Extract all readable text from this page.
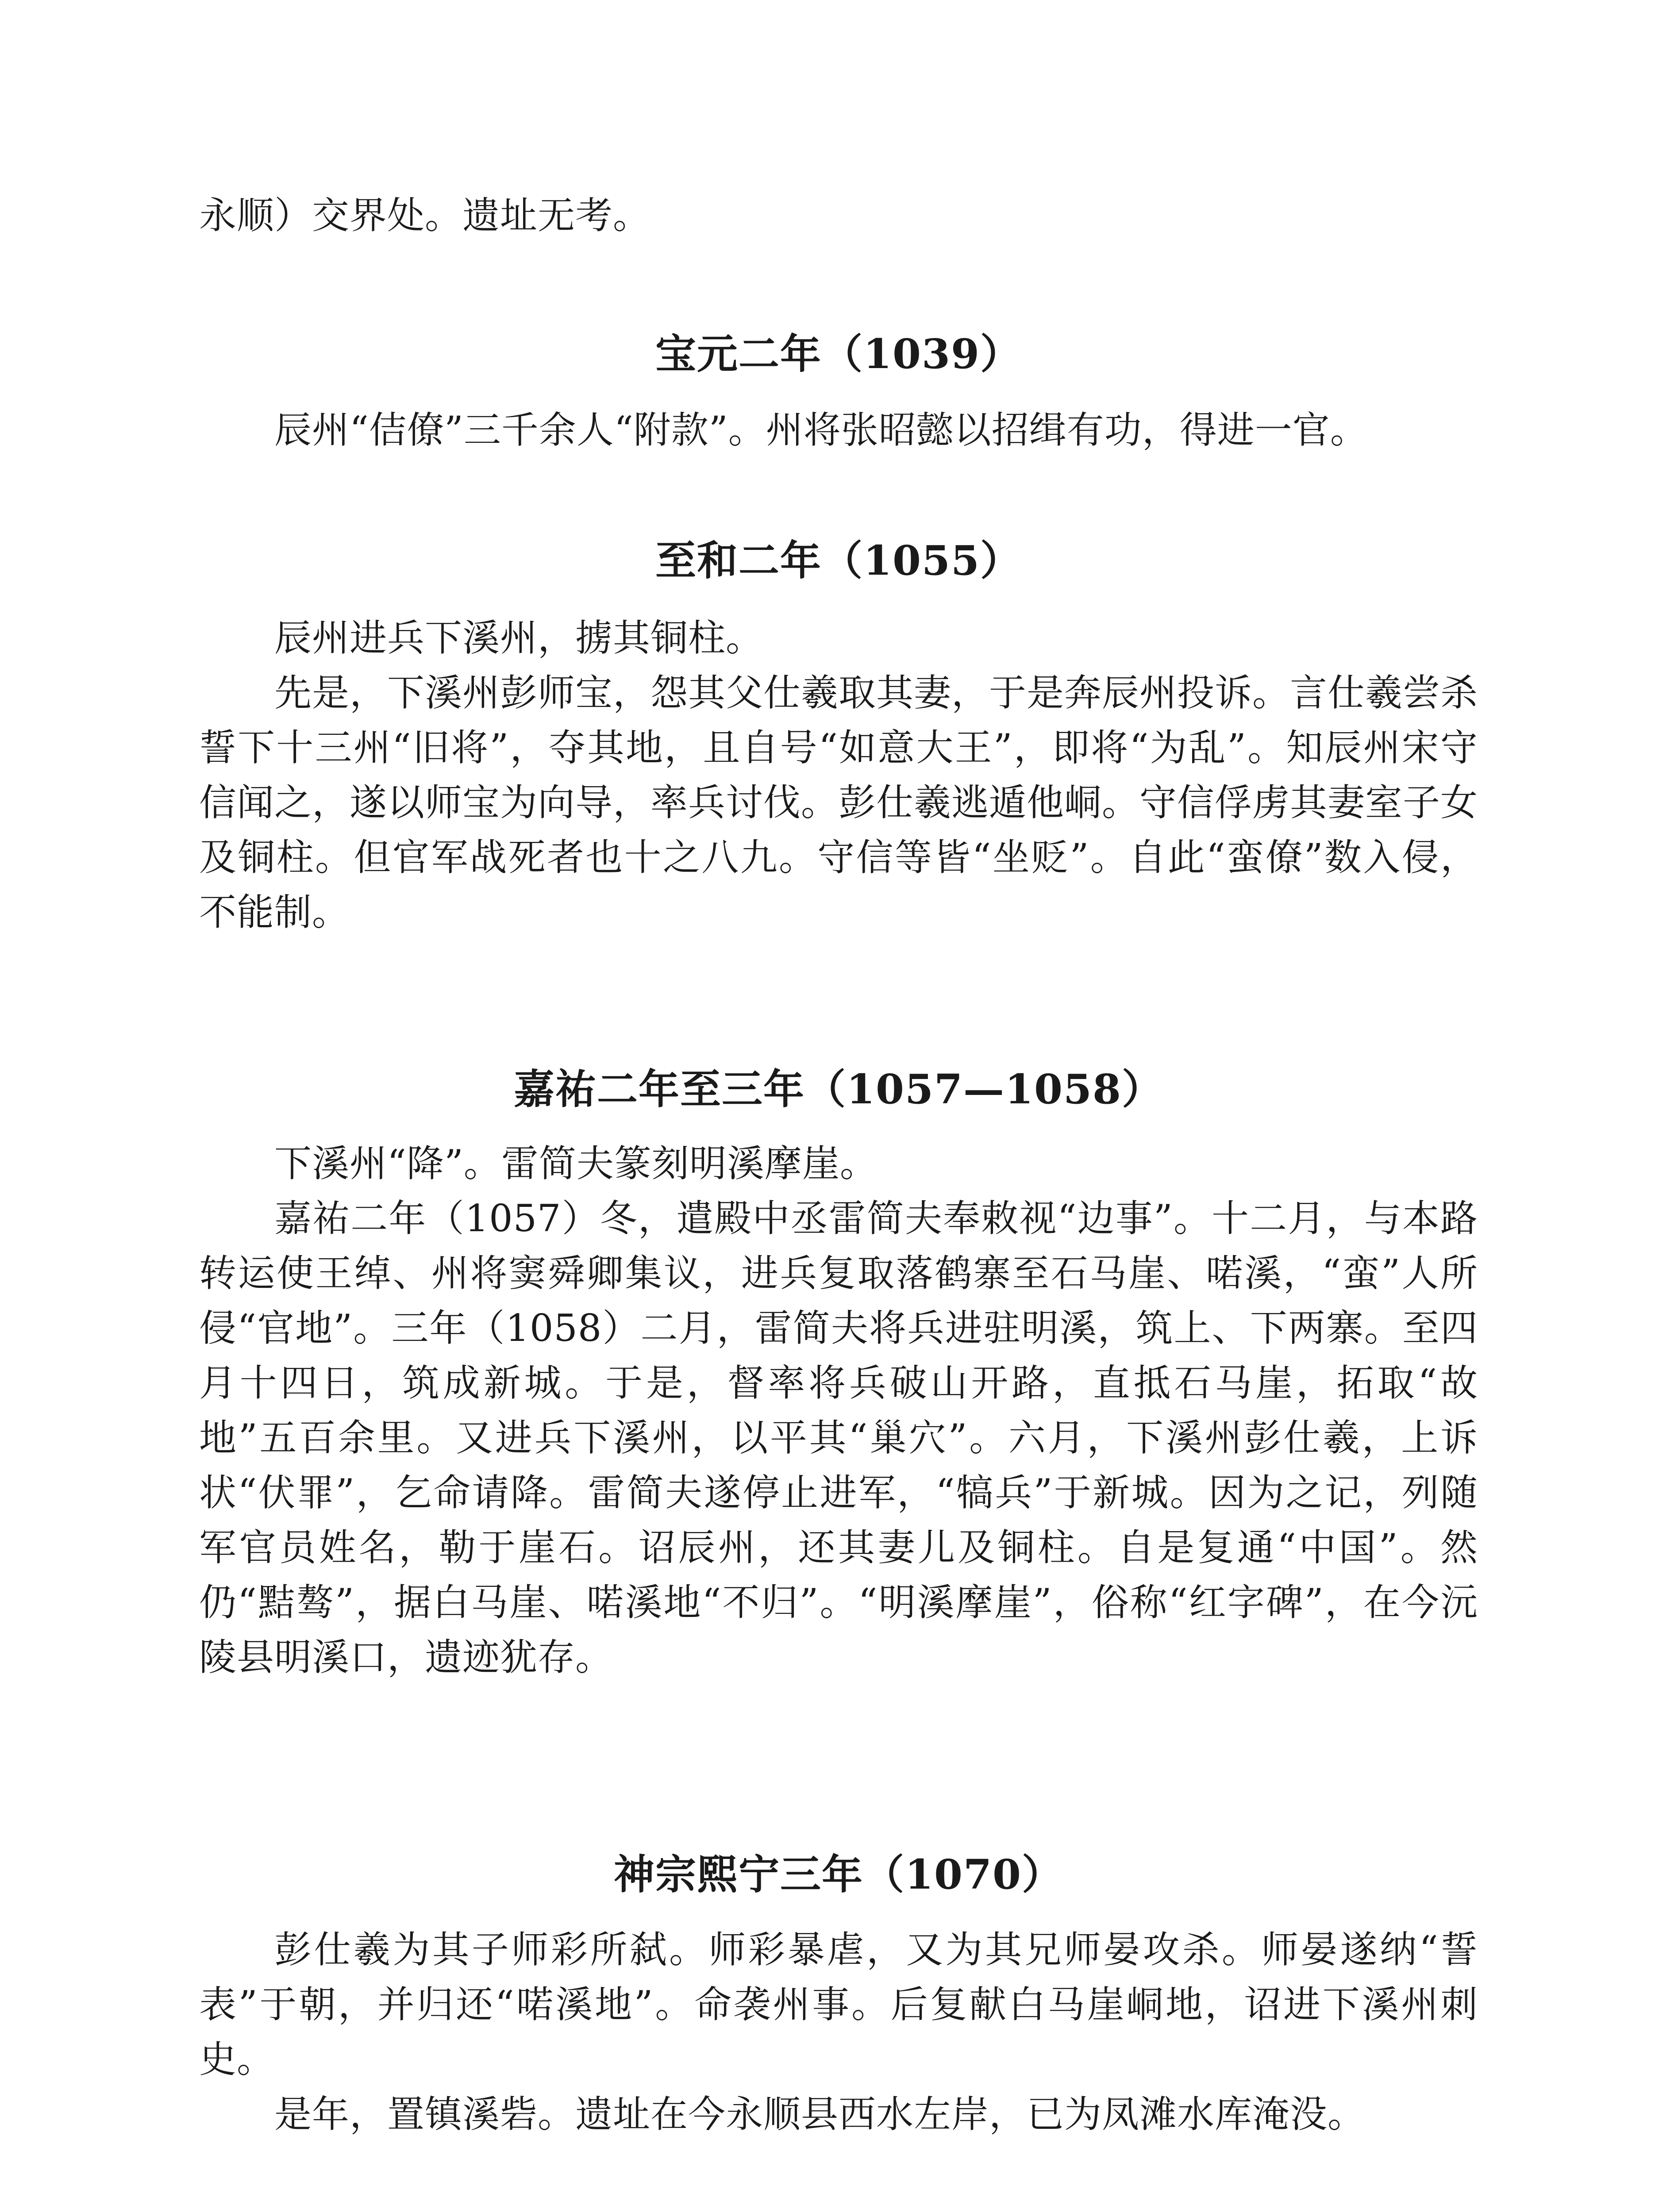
永顺）交界处。遗址无考。

宝元二年（1039）

辰州“佶僚”三千余人“附款”。州将张昭懿以招缉有功，得进一官。

至和二年（1055）

辰州进兵下溪州，掳其铜柱。

先是，下溪州彭师宝，怨其父仕羲取其妻，于是奔辰州投诉。言仕羲尝杀誓下十三州“旧将”，夺其地，且自号“如意大王”，即将“为乱”。知辰州宋守信闻之，遂以师宝为向导，率兵讨伐。彭仕羲逃遁他峒。守信俘虏其妻室子女及铜柱。但官军战死者也十之八九。守信等皆“坐贬”。自此“蛮僚”数入侵，不能制。

嘉祐二年至三年（1057—1058）

下溪州“降”。雷简夫篆刻明溪摩崖。

嘉祐二年（1057）冬，遣殿中丞雷简夫奉敕视“边事”。十二月，与本路转运使王绰、州将窦舜卿集议，进兵复取落鹤寨至石马崖、喏溪，“蛮”人所侵“官地”。三年（1058）二月，雷简夫将兵进驻明溪，筑上、下两寨。至四月十四日，筑成新城。于是，督率将兵破山开路，直抵石马崖，拓取“故地”五百余里。又进兵下溪州，以平其“巢穴”。六月，下溪州彭仕羲，上诉状“伏罪”，乞命请降。雷简夫遂停止进军，“犒兵”于新城。因为之记，列随军官员姓名，勒于崖石。诏辰州，还其妻儿及铜柱。自是复通“中国”。然仍“黠骜”，据白马崖、喏溪地“不归”。“明溪摩崖”，俗称“红字碑”，在今沅陵县明溪口，遗迹犹存。

神宗熙宁三年（1070）

彭仕羲为其子师彩所弑。师彩暴虐，又为其兄师晏攻杀。师晏遂纳“誓表”于朝，并归还“喏溪地”。命袭州事。后复献白马崖峒地，诏进下溪州刺史。

是年，置镇溪砦。遗址在今永顺县西水左岸，已为凤滩水库淹没。
